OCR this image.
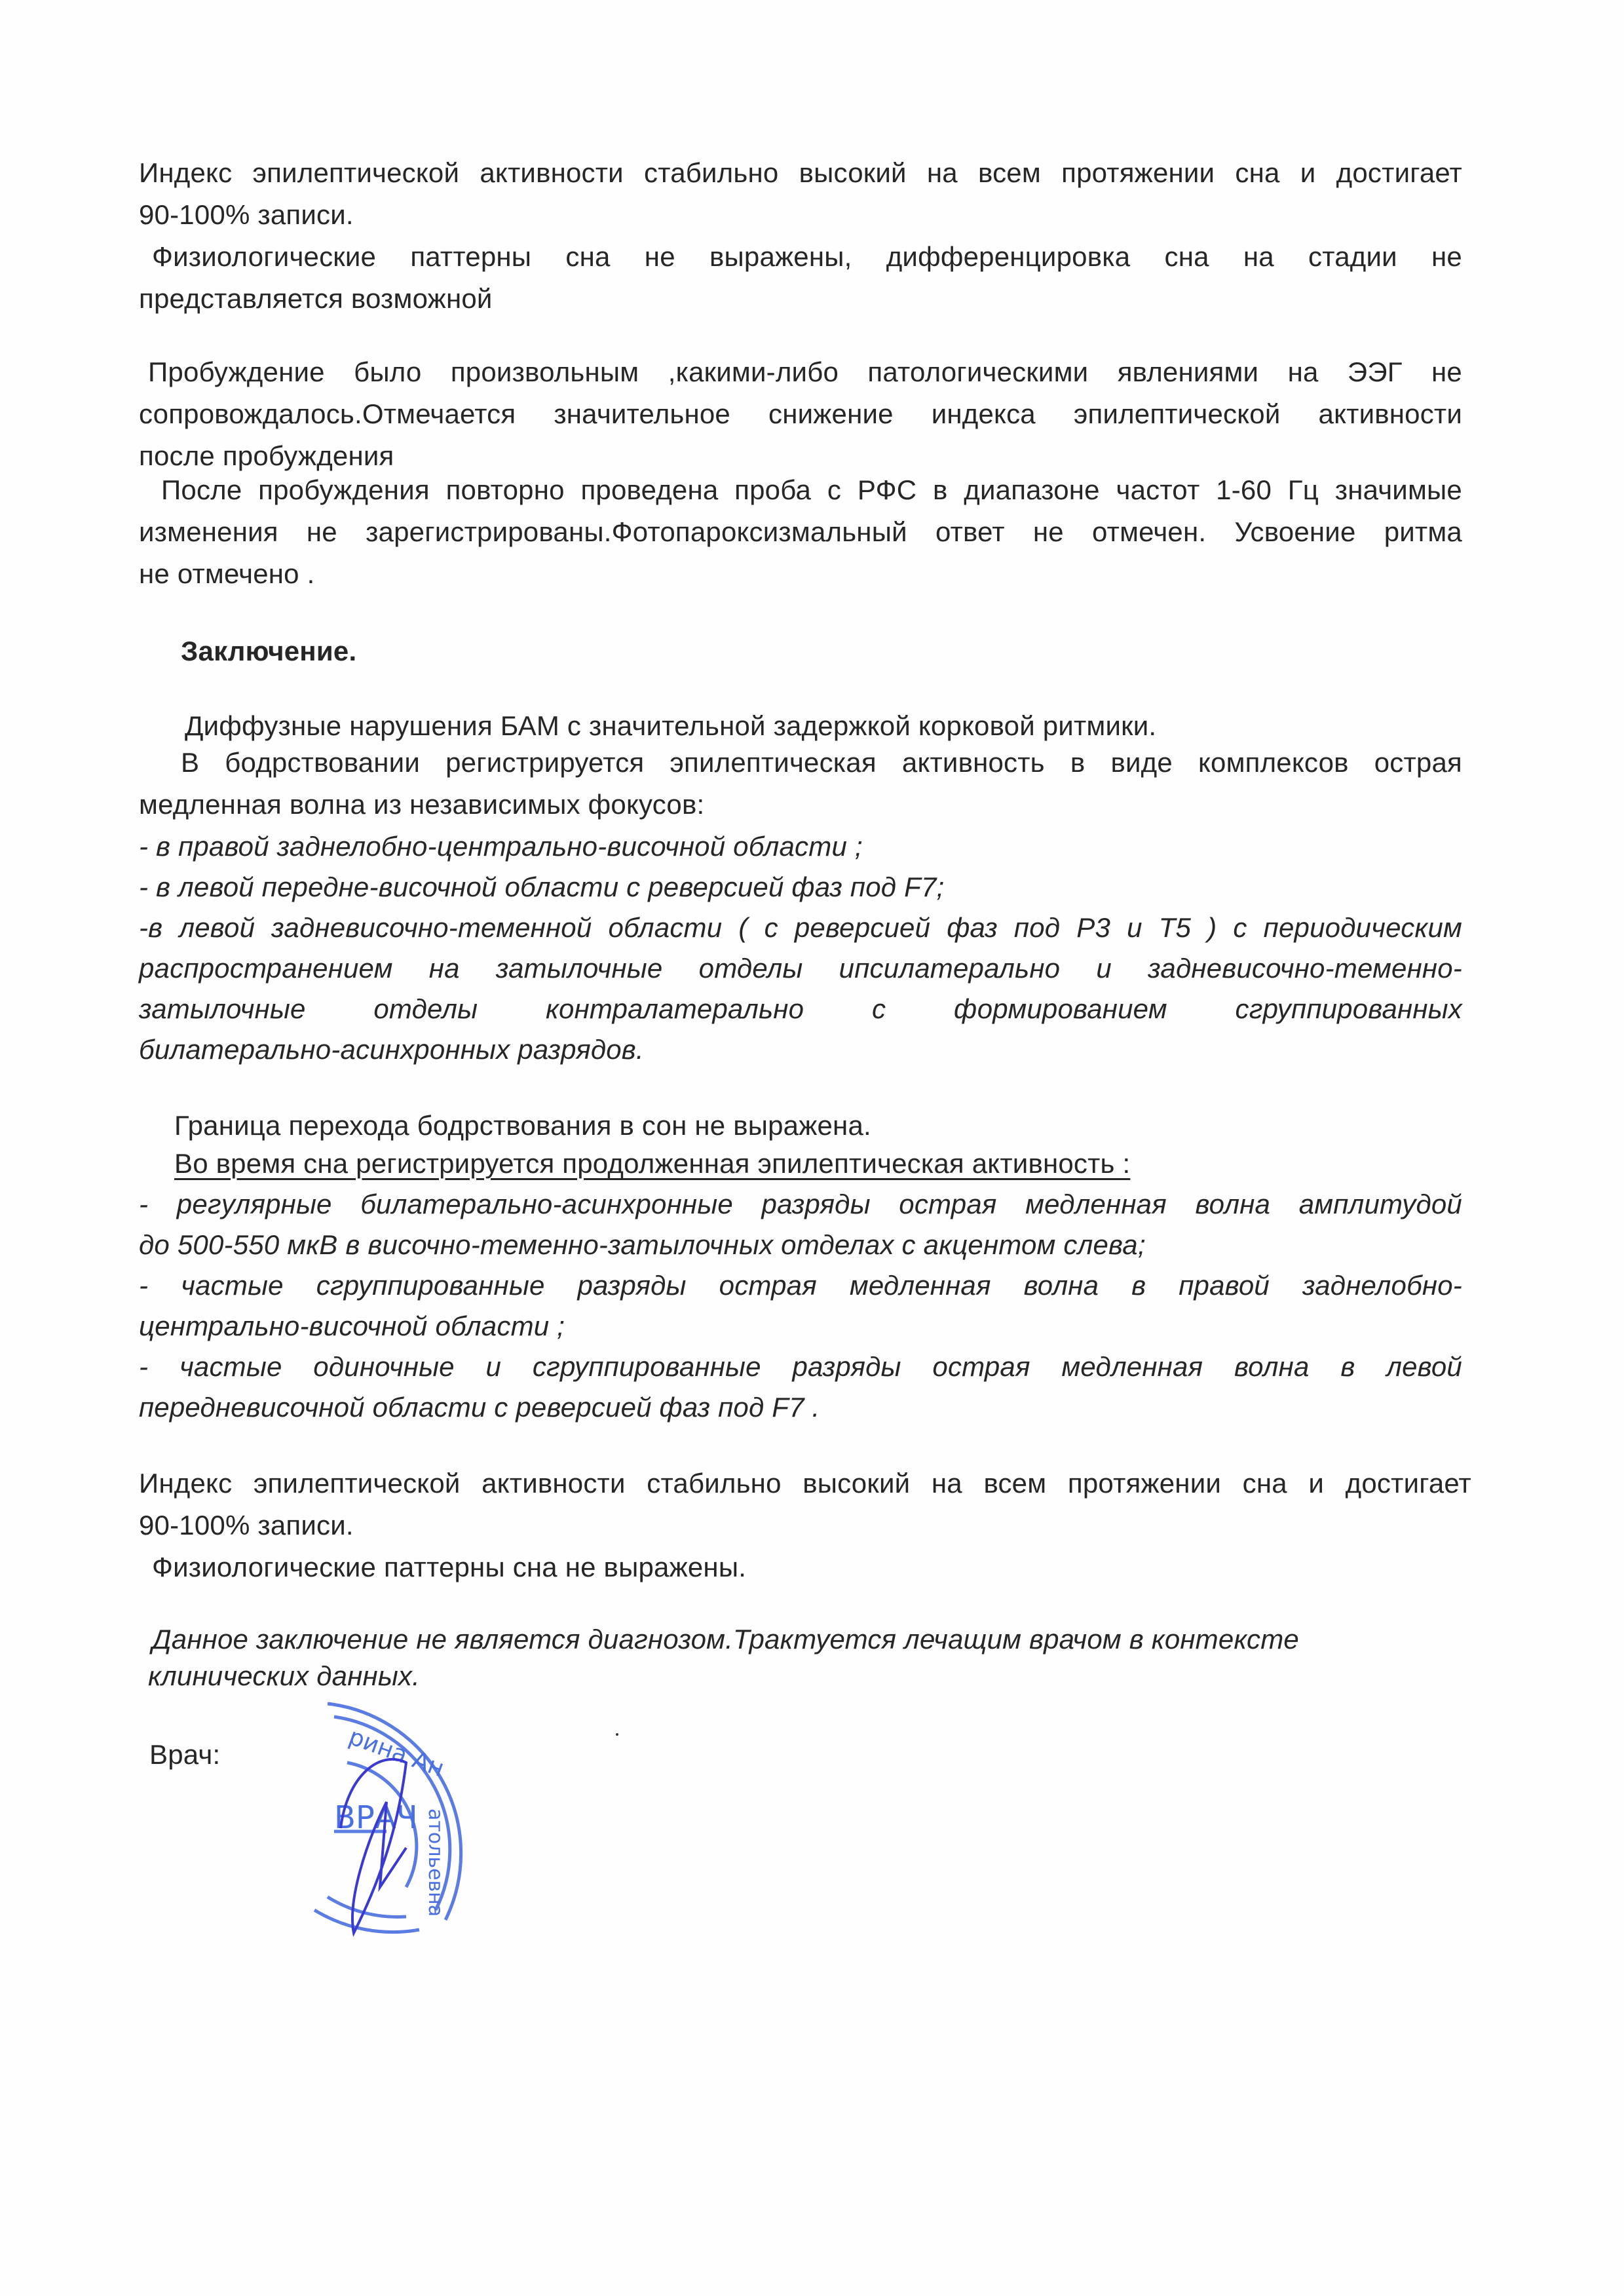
Индекс эпилептической активности стабильно высокий на всем протяжении сна и достигает
90-100% записи.
Физиологические паттерны сна не выражены, дифференцировка сна на стадии не
представляется возможной
Пробуждение было произвольным ,какими-либо патологическими явлениями на ЭЭГ не
сопровождалось.Отмечается значительное снижение индекса эпилептической активности
после пробуждения
После пробуждения повторно проведена проба с РФС в диапазоне частот 1-60 Гц значимые
изменения не зарегистрированы.Фотопароксизмальный ответ не отмечен. Усвоение ритма
не отмечено .
Заключение.
Диффузные нарушения БАМ с значительной задержкой корковой ритмики.
В бодрствовании регистрируется эпилептическая активность в виде комплексов острая
медленная волна из независимых фокусов:
- в правой заднелобно-центрально-височной области ;
- в левой передне-височной области с реверсией фаз под F7;
-в левой задневисочно-теменной области ( с реверсией фаз под P3 и T5 ) с периодическим
распространением на затылочные отделы ипсилатерально и задневисочно-теменно-
затылочные отделы контралатерально с формированием сгруппированных
билатерально-асинхронных разрядов.
Граница перехода бодрствования в сон не выражена.
Во время сна регистрируется продолженная эпилептическая активность :
- регулярные билатерально-асинхронные разряды острая медленная волна амплитудой
до 500-550 мкВ в височно-теменно-затылочных отделах с акцентом слева;
- частые сгруппированные разряды острая медленная волна в правой заднелобно-
центрально-височной области ;
- частые одиночные и сгруппированные разряды острая медленная волна в левой
передневисочной области с реверсией фаз под F7 .
Индекс эпилептической активности стабильно высокий на всем протяжении сна и достигает
90-100% записи.
Физиологические паттерны сна не выражены.
Данное заключение не является диагнозом.Трактуется лечащим врачом в контексте
клинических данных.
Врач:	рина Ан
ВРАЧ атольевна
